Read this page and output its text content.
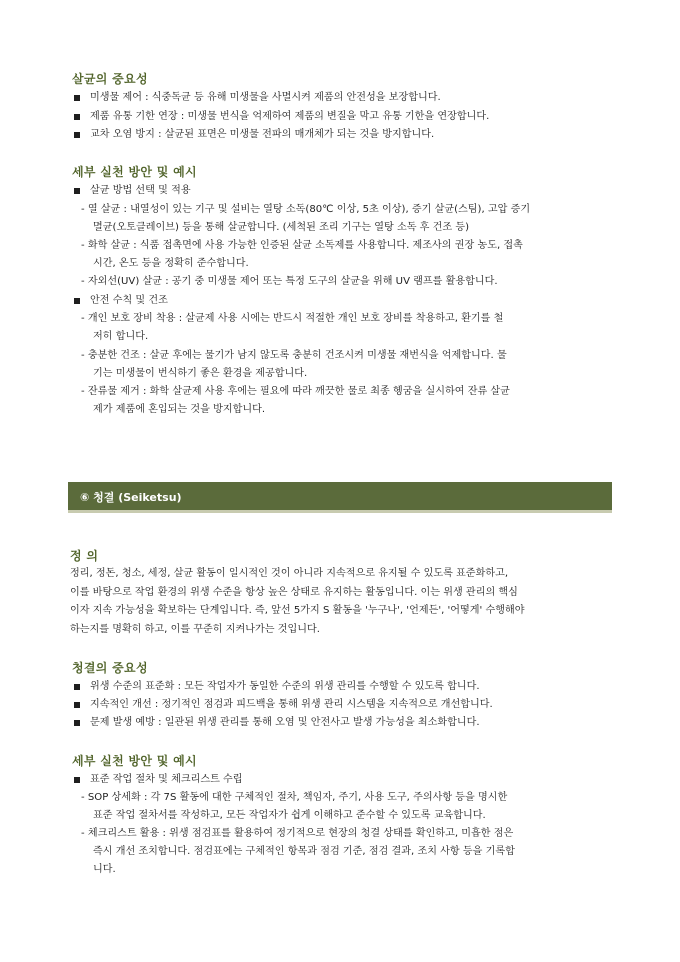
살균의 중요성
미생물 제어 : 식중독균 등 유해 미생물을 사멸시켜 제품의 안전성을 보장합니다.
제품 유통 기한 연장 : 미생물 번식을 억제하여 제품의 변질을 막고 유통 기한을 연장합니다.
교차 오염 방지 : 살균된 표면은 미생물 전파의 매개체가 되는 것을 방지합니다.
세부 실천 방안 및 예시
살균 방법 선택 및 적용
- 열 살균 : 내열성이 있는 기구 및 설비는 열탕 소독(80℃ 이상, 5초 이상), 증기 살균(스팀), 고압 증기
멸균(오토클레이브) 등을 통해 살균합니다. (세척된 조리 기구는 열탕 소독 후 건조 등)
- 화학 살균 : 식품 접촉면에 사용 가능한 인증된 살균 소독제를 사용합니다. 제조사의 권장 농도, 접촉
시간, 온도 등을 정확히 준수합니다.
- 자외선(UV) 살균 : 공기 중 미생물 제어 또는 특정 도구의 살균을 위해 UV 램프를 활용합니다.
안전 수칙 및 건조
- 개인 보호 장비 착용 : 살균제 사용 시에는 반드시 적절한 개인 보호 장비를 착용하고, 환기를 철
저히 합니다.
- 충분한 건조 : 살균 후에는 물기가 남지 않도록 충분히 건조시켜 미생물 재번식을 억제합니다. 물
기는 미생물이 번식하기 좋은 환경을 제공합니다.
- 잔류물 제거 : 화학 살균제 사용 후에는 필요에 따라 깨끗한 물로 최종 헹굼을 실시하여 잔류 살균
제가 제품에 혼입되는 것을 방지합니다.
⑥ 청결 (Seiketsu)
정 의
정리, 정돈, 청소, 세정, 살균 활동이 일시적인 것이 아니라 지속적으로 유지될 수 있도록 표준화하고,
이를 바탕으로 작업 환경의 위생 수준을 항상 높은 상태로 유지하는 활동입니다. 이는 위생 관리의 핵심
이자 지속 가능성을 확보하는 단계입니다. 즉, 앞선 5가지 S 활동을 '누구나', '언제든', '어떻게' 수행해야
하는지를 명확히 하고, 이를 꾸준히 지켜나가는 것입니다.
청결의 중요성
위생 수준의 표준화 : 모든 작업자가 동일한 수준의 위생 관리를 수행할 수 있도록 합니다.
지속적인 개선 : 정기적인 점검과 피드백을 통해 위생 관리 시스템을 지속적으로 개선합니다.
문제 발생 예방 : 일관된 위생 관리를 통해 오염 및 안전사고 발생 가능성을 최소화합니다.
세부 실천 방안 및 예시
표준 작업 절차 및 체크리스트 수립
- SOP 상세화 : 각 7S 활동에 대한 구체적인 절차, 책임자, 주기, 사용 도구, 주의사항 등을 명시한
표준 작업 절차서를 작성하고, 모든 작업자가 쉽게 이해하고 준수할 수 있도록 교육합니다.
- 체크리스트 활용 : 위생 점검표를 활용하여 정기적으로 현장의 청결 상태를 확인하고, 미흡한 점은
즉시 개선 조치합니다. 점검표에는 구체적인 항목과 점검 기준, 점검 결과, 조치 사항 등을 기록합
니다.
